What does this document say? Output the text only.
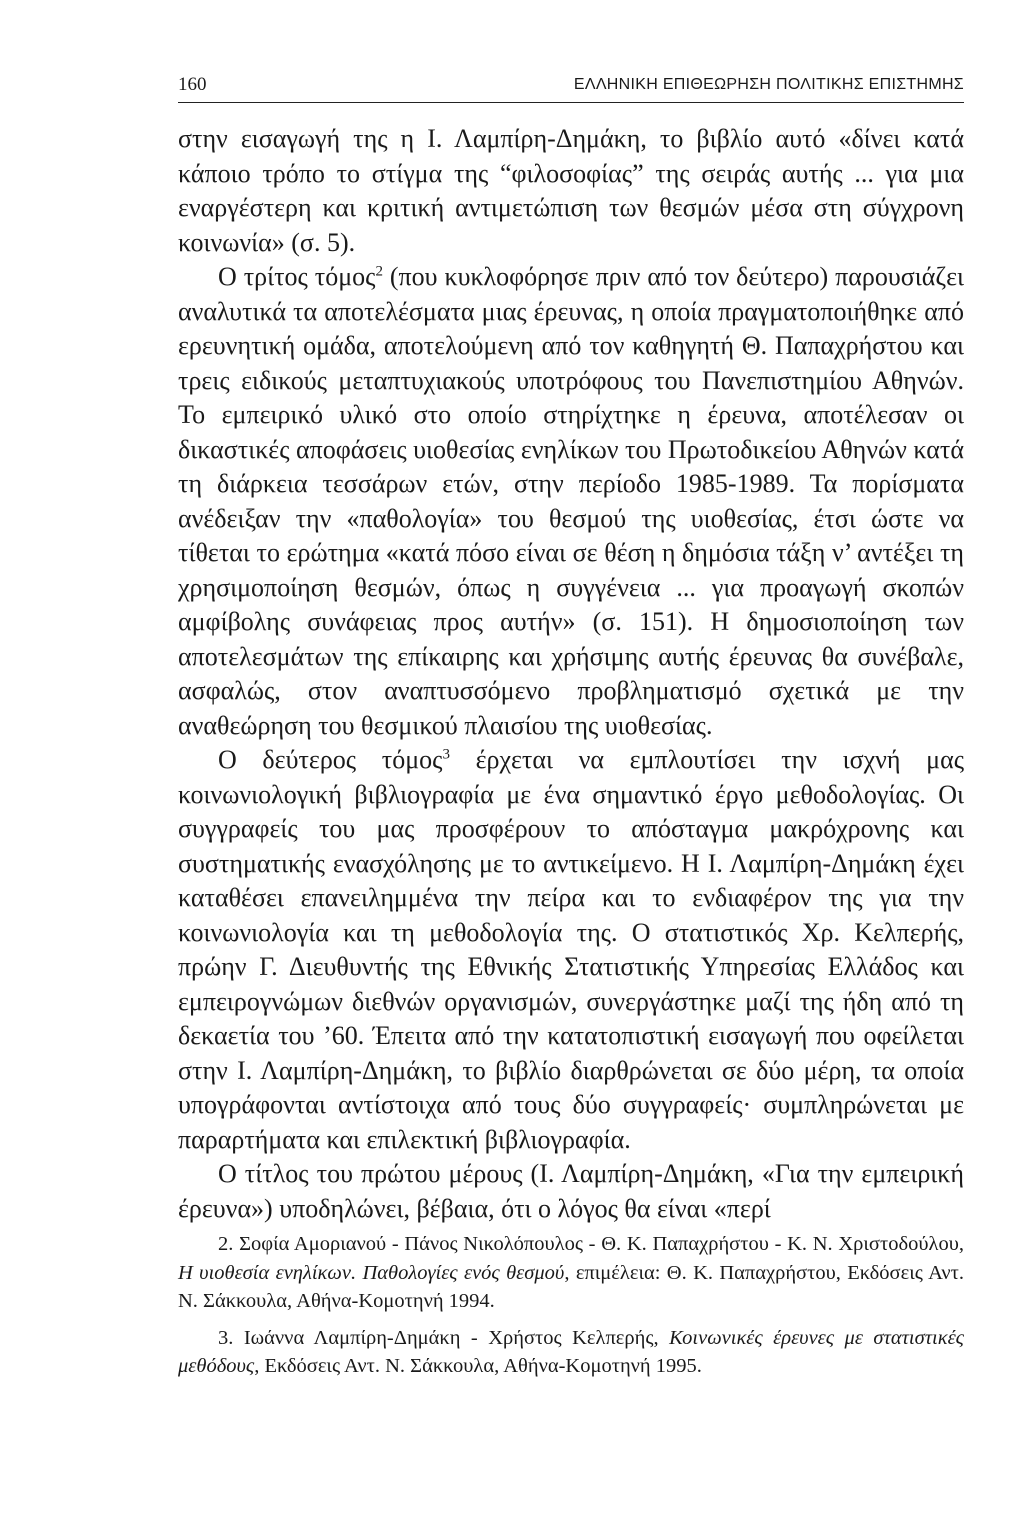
160	ΕΛΛΗΝΙΚΗ ΕΠΙΘΕΩΡΗΣΗ ΠΟΛΙΤΙΚΗΣ ΕΠΙΣΤΗΜΗΣ

στην εισαγωγή της η Ι. Λαμπίρη-Δημάκη, το βιβλίο αυτό «δίνει κατά κάποιο τρόπο το στίγμα της “φιλοσοφίας” της σειράς αυτής ... για μια εναργέστερη και κριτική αντιμετώπιση των θεσμών μέσα στη σύγχρονη κοινωνία» (σ. 5).

Ο τρίτος τόμος$^2$ (που κυκλοφόρησε πριν από τον δεύτερο) παρουσιάζει αναλυτικά τα αποτελέσματα μιας έρευνας, η οποία πραγματοποιήθηκε από ερευνητική ομάδα, αποτελούμενη από τον καθηγητή Θ. Παπαχρήστου και τρεις ειδικούς μεταπτυχιακούς υποτρόφους του Πανεπιστημίου Αθηνών. Το εμπειρικό υλικό στο οποίο στηρίχτηκε η έρευνα, αποτέλεσαν οι δικαστικές αποφάσεις υιοθεσίας ενηλίκων του Πρωτοδικείου Αθηνών κατά τη διάρκεια τεσσάρων ετών, στην περίοδο 1985-1989. Τα πορίσματα ανέδειξαν την «παθολογία» του θεσμού της υιοθεσίας, έτσι ώστε να τίθεται το ερώτημα «κατά πόσο είναι σε θέση η δημόσια τάξη ν’ αντέξει τη χρησιμοποίηση θεσμών, όπως η συγγένεια ... για προαγωγή σκοπών αμφίβολης συνάφειας προς αυτήν» (σ. 151). Η δημοσιοποίηση των αποτελεσμάτων της επίκαιρης και χρήσιμης αυτής έρευνας θα συνέβαλε, ασφαλώς, στον αναπτυσσόμενο προβληματισμό σχετικά με την αναθεώρηση του θεσμικού πλαισίου της υιοθεσίας.

Ο δεύτερος τόμος$^3$ έρχεται να εμπλουτίσει την ισχνή μας κοινωνιολογική βιβλιογραφία με ένα σημαντικό έργο μεθοδολογίας. Οι συγγραφείς του μας προσφέρουν το απόσταγμα μακρόχρονης και συστηματικής ενασχόλησης με το αντικείμενο. Η Ι. Λαμπίρη-Δημάκη έχει καταθέσει επανειλημμένα την πείρα και το ενδιαφέρον της για την κοινωνιολογία και τη μεθοδολογία της. Ο στατιστικός Χρ. Κελπερής, πρώην Γ. Διευθυντής της Εθνικής Στατιστικής Υπηρεσίας Ελλάδος και εμπειρογνώμων διεθνών οργανισμών, συνεργάστηκε μαζί της ήδη από τη δεκαετία του ’60. Έπειτα από την κατατοπιστική εισαγωγή που οφείλεται στην Ι. Λαμπίρη-Δημάκη, το βιβλίο διαρθρώνεται σε δύο μέρη, τα οποία υπογράφονται αντίστοιχα από τους δύο συγγραφείς· συμπληρώνεται με παραρτήματα και επιλεκτική βιβλιογραφία.

Ο τίτλος του πρώτου μέρους (Ι. Λαμπίρη-Δημάκη, «Για την εμπειρική έρευνα») υποδηλώνει, βέβαια, ότι ο λόγος θα είναι «περί

2. Σοφία Αμοριανού - Πάνος Νικολόπουλος - Θ. Κ. Παπαχρήστου - Κ. Ν. Χριστοδούλου, Η υιοθεσία ενηλίκων. Παθολογίες ενός θεσμού, επιμέλεια: Θ. Κ. Παπαχρήστου, Εκδόσεις Αντ. Ν. Σάκκουλα, Αθήνα-Κομοτηνή 1994.

3. Ιωάννα Λαμπίρη-Δημάκη - Χρήστος Κελπερής, Κοινωνικές έρευνες με στατιστικές μεθόδους, Εκδόσεις Αντ. Ν. Σάκκουλα, Αθήνα-Κομοτηνή 1995.
